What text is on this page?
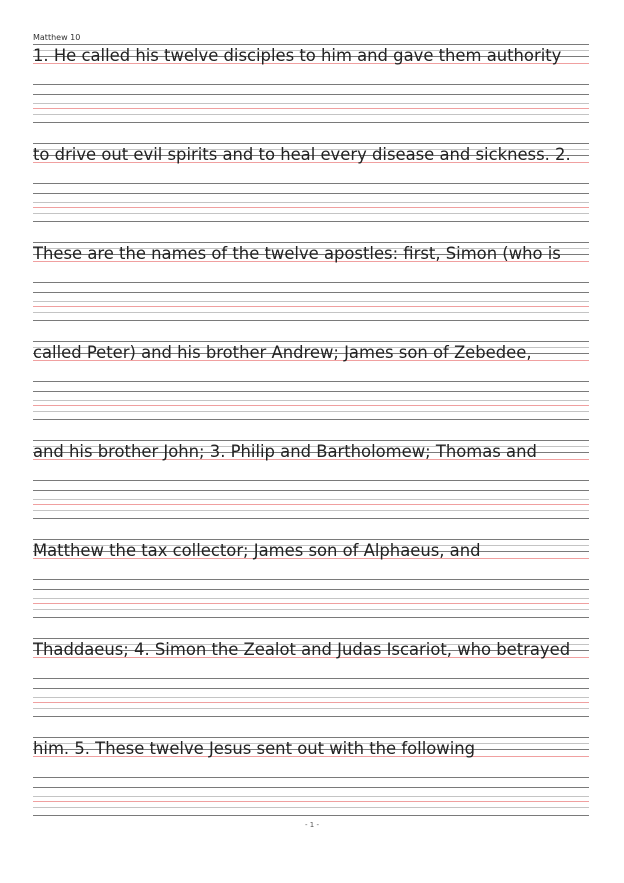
Matthew 10
1. He called his twelve disciples to him and gave them authority
to drive out evil spirits and to heal every disease and sickness. 2.
These are the names of the twelve apostles: first, Simon (who is
called Peter) and his brother Andrew; James son of Zebedee,
and his brother John; 3. Philip and Bartholomew; Thomas and
Matthew the tax collector; James son of Alphaeus, and
Thaddaeus; 4. Simon the Zealot and Judas Iscariot, who betrayed
him. 5. These twelve Jesus sent out with the following
- 1 -
